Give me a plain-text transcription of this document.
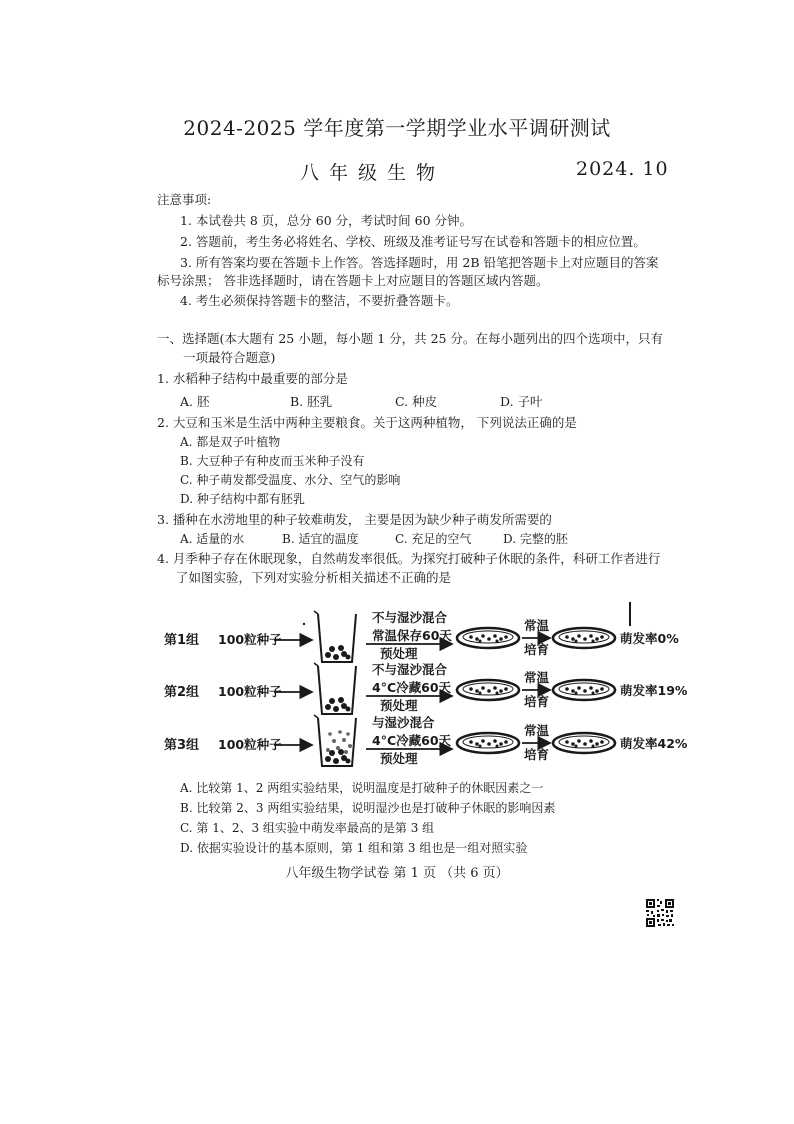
2024-2025 学年度第一学期学业水平调研测试
八年级生物	2024. 10
注意事项:
1. 本试卷共 8 页，总分 60 分，考试时间 60 分钟。
2. 答题前，考生务必将姓名、学校、班级及准考证号写在试卷和答题卡的相应位置。
3. 所有答案均要在答题卡上作答。答选择题时，用 2B 铅笔把答题卡上对应题目的答案
标号涂黑； 答非选择题时，请在答题卡上对应题目的答题区域内答题。
4. 考生必须保持答题卡的整洁，不要折叠答题卡。
一、选择题(本大题有 25 小题，每小题 1 分，共 25 分。在每小题列出的四个选项中，只有
一项最符合题意)
1. 水稻种子结构中最重要的部分是
A. 胚	B. 胚乳	C. 种皮	D. 子叶
2. 大豆和玉米是生活中两种主要粮食。关于这两种植物， 下列说法正确的是
A. 都是双子叶植物
B. 大豆种子有种皮而玉米种子没有
C. 种子萌发都受温度、水分、空气的影响
D. 种子结构中都有胚乳
3. 播种在水涝地里的种子较难萌发， 主要是因为缺少种子萌发所需要的
A. 适量的水	B. 适宜的温度	C. 充足的空气	D. 完整的胚
4. 月季种子存在休眠现象，自然萌发率很低。为探究打破种子休眠的条件，科研工作者进行
了如图实验，下列对实验分析相关描述不正确的是
第1组 100粒种子
不与湿沙混合
常温保存60天
预处理
常温
培育
萌发率0%
第2组 100粒种子
不与湿沙混合
4°C冷藏60天
预处理
常温
培育
萌发率19%
第3组 100粒种子
与湿沙混合
4°C冷藏60天
预处理
常温
培育
萌发率42%
A. 比较第 1、2 两组实验结果，说明温度是打破种子的休眠因素之一
B. 比较第 2、3 两组实验结果，说明湿沙也是打破种子休眠的影响因素
C. 第 1、2、3 组实验中萌发率最高的是第 3 组
D. 依据实验设计的基本原则，第 1 组和第 3 组也是一组对照实验
八年级生物学试卷 第 1 页 （共 6 页）
